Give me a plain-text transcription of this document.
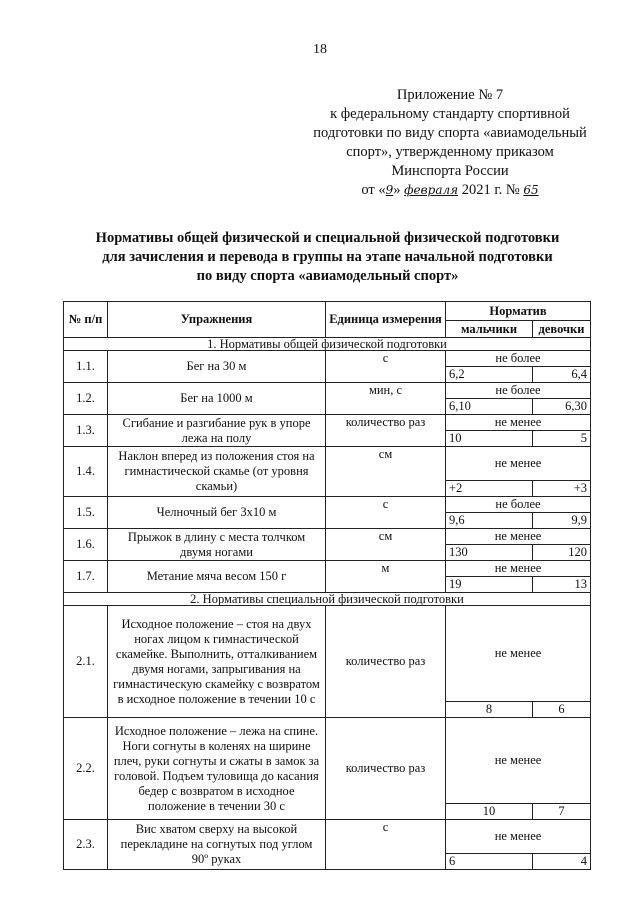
18
Приложение № 7
к федеральному стандарту спортивной
подготовки по виду спорта «авиамодельный
спорт», утвержденному приказом
Минспорта России
от «9» февраля 2021 г. № 65
Нормативы общей физической и специальной физической подготовки
для зачисления и перевода в группы на этапе начальной подготовки
по виду спорта «авиамодельный спорт»
№ п/п	Упражнения	Единица измерения	Норматив	
			мальчики	девочки
1. Нормативы общей физической подготовки				
1.1.	Бег на 30 м	с	не более	
			6,2	6,4
1.2.	Бег на 1000 м	мин, с	не более	
			6,10	6,30
1.3.	Сгибание и разгибание рук в упоре лежа на полу	количество раз	не менее	
			10	5
1.4.	Наклон вперед из положения стоя на гимнастической скамье (от уровня скамьи)	см	не менее	
			+2	+3
1.5.	Челночный бег 3х10 м	с	не более	
			9,6	9,9
1.6.	Прыжок в длину с места толчком двумя ногами	см	не менее	
			130	120
1.7.	Метание мяча весом 150 г	м	не менее	
			19	13
2. Нормативы специальной физической подготовки				
2.1.	Исходное положение – стоя на двух ногах лицом к гимнастической скамейке. Выполнить, отталкиванием двумя ногами, запрыгивания на гимнастическую скамейку с возвратом в исходное положение в течении 10 с	количество раз	не менее	
			8	6
2.2.	Исходное положение – лежа на спине. Ноги согнуты в коленях на ширине плеч, руки согнуты и сжаты в замок за головой. Подъем туловища до касания бедер с возвратом в исходное положение в течении 30 с	количество раз	не менее	
			10	7
2.3.	Вис хватом сверху на высокой перекладине на согнутых под углом 90º руках	с	не менее	
			6	4
